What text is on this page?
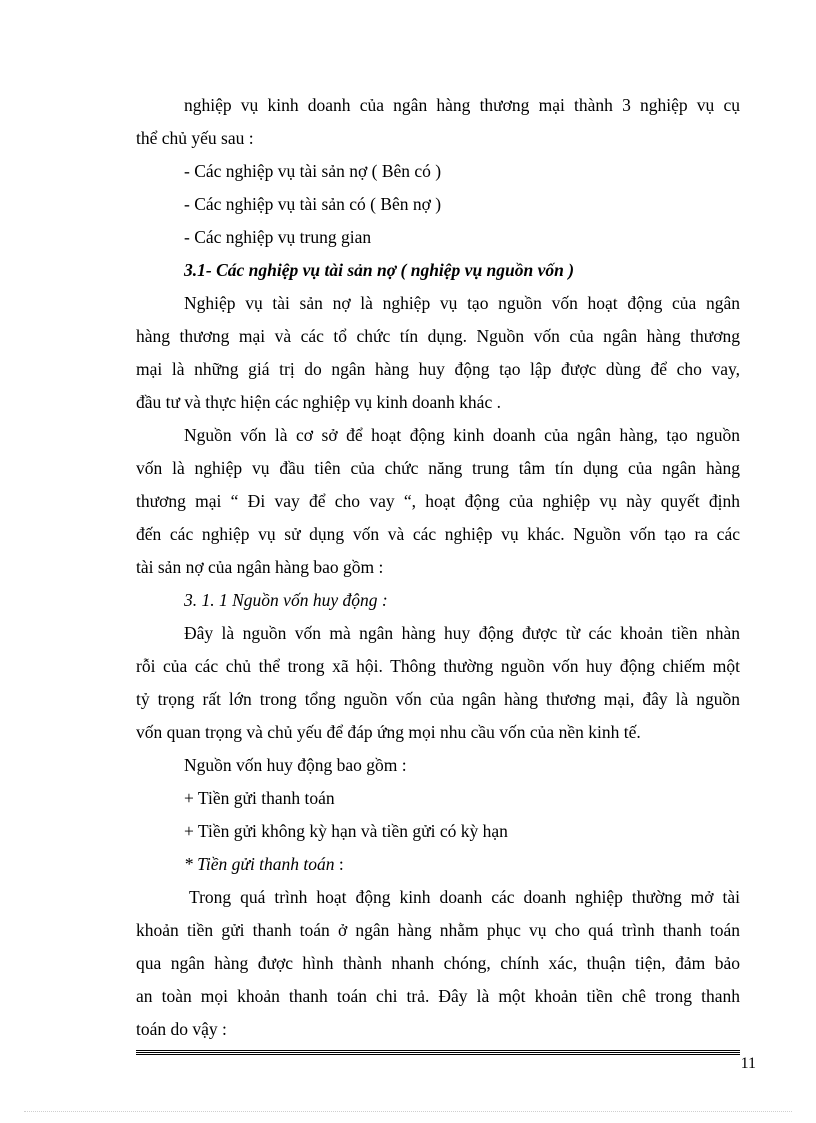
nghiệp vụ kinh doanh của ngân hàng thương mại thành 3 nghiệp vụ cụ
thể chủ yếu sau :
- Các nghiệp vụ tài sản nợ ( Bên có )
- Các nghiệp vụ tài sản có ( Bên nợ )
- Các nghiệp vụ trung gian
3.1- Các nghiệp vụ tài sản nợ ( nghiệp vụ nguồn vốn )
Nghiệp vụ tài sản nợ là nghiệp vụ tạo nguồn vốn hoạt động của ngân
hàng thương mại và các tổ chức tín dụng. Nguồn vốn của ngân hàng thương
mại là những giá trị do ngân hàng huy động tạo lập được dùng để cho vay,
đầu tư và thực hiện các nghiệp vụ kinh doanh khác .
Nguồn vốn là cơ sở để hoạt động kinh doanh của ngân hàng, tạo nguồn
vốn là nghiệp vụ đầu tiên của chức năng trung tâm tín dụng của ngân hàng
thương mại “ Đi vay để cho vay “, hoạt động của nghiệp vụ này quyết định
đến các nghiệp vụ sử dụng vốn và các nghiệp vụ khác. Nguồn vốn tạo ra các
tài sản nợ của ngân hàng bao gồm :
3. 1. 1 Nguồn vốn huy động :
Đây là nguồn vốn mà ngân hàng huy động được từ các khoản tiền nhàn
rỗi của các chủ thể trong xã hội. Thông thường nguồn vốn huy động chiếm một
tỷ trọng rất lớn trong tổng nguồn vốn của ngân hàng thương mại, đây là nguồn
vốn quan trọng và chủ yếu để đáp ứng mọi nhu cầu vốn của nền kinh tế.
Nguồn vốn huy động bao gồm :
+ Tiền gửi thanh toán
+ Tiền gửi không kỳ hạn và tiền gửi có kỳ hạn
* Tiền gửi thanh toán :
Trong quá trình hoạt động kinh doanh các doanh nghiệp thường mở tài
khoản tiền gửi thanh toán ở ngân hàng nhằm phục vụ cho quá trình thanh toán
qua ngân hàng được hình thành nhanh chóng, chính xác, thuận tiện, đảm bảo
an toàn mọi khoản thanh toán chi trả. Đây là một khoản tiền chê trong thanh
toán do vậy :
11
